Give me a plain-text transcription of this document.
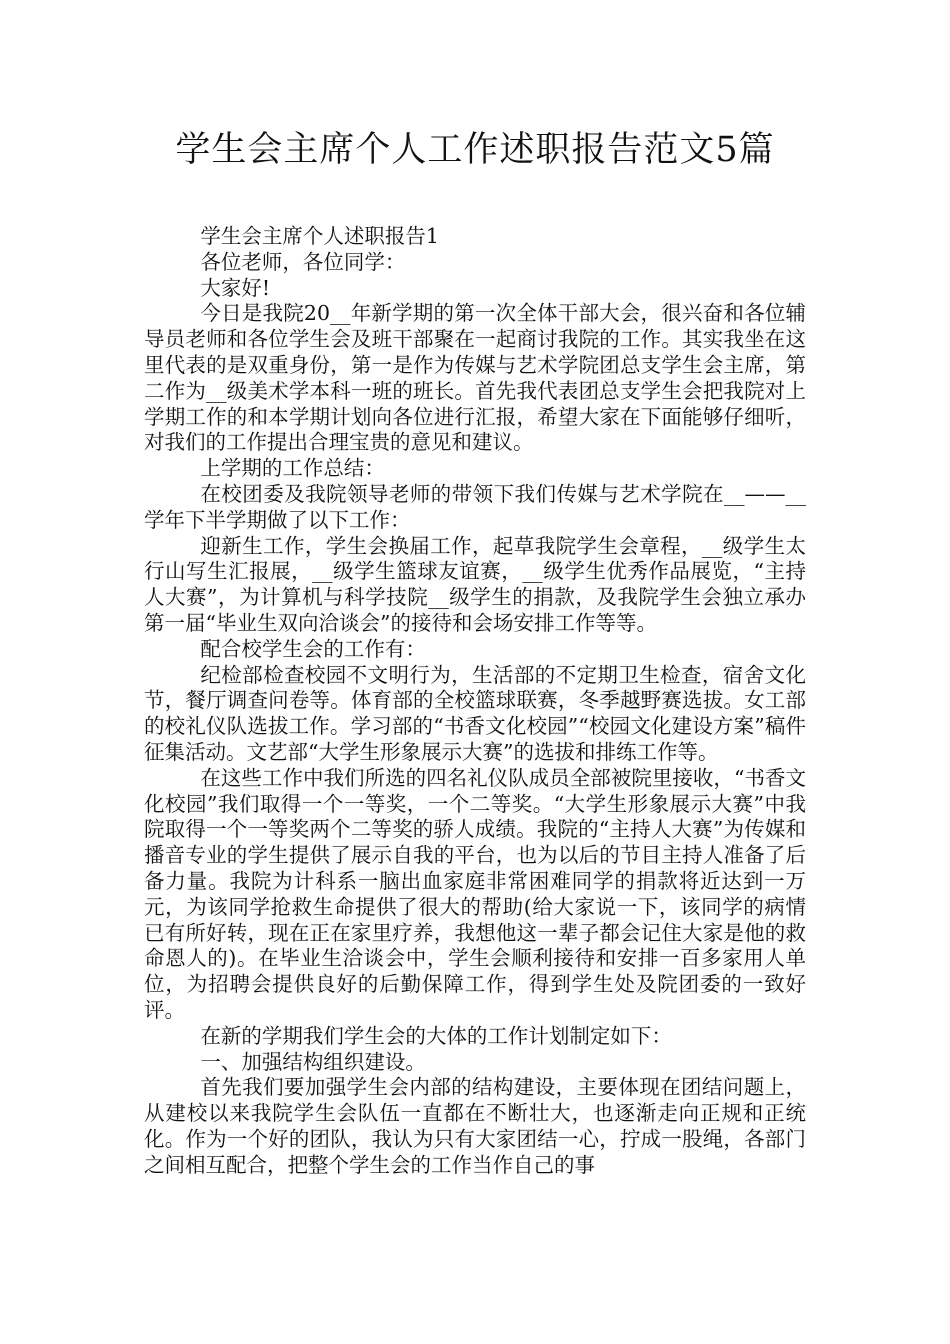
学生会主席个人工作述职报告范文5篇

学生会主席个人述职报告1

各位老师，各位同学：

大家好!

今日是我院20__年新学期的第一次全体干部大会，很兴奋和各位辅导员老师和各位学生会及班干部聚在一起商讨我院的工作。其实我坐在这里代表的是双重身份，第一是作为传媒与艺术学院团总支学生会主席，第二作为__级美术学本科一班的班长。首先我代表团总支学生会把我院对上学期工作的和本学期计划向各位进行汇报，希望大家在下面能够仔细听，对我们的工作提出合理宝贵的意见和建议。

上学期的工作总结：

在校团委及我院领导老师的带领下我们传媒与艺术学院在__——__学年下半学期做了以下工作：

迎新生工作，学生会换届工作，起草我院学生会章程，__级学生太行山写生汇报展，__级学生篮球友谊赛，__级学生优秀作品展览，“主持人大赛”，为计算机与科学技院__级学生的捐款，及我院学生会独立承办第一届“毕业生双向洽谈会”的接待和会场安排工作等等。

配合校学生会的工作有：

纪检部检查校园不文明行为，生活部的不定期卫生检查，宿舍文化节，餐厅调查问卷等。体育部的全校篮球联赛，冬季越野赛选拔。女工部的校礼仪队选拔工作。学习部的“书香文化校园”“校园文化建设方案”稿件征集活动。文艺部“大学生形象展示大赛”的选拔和排练工作等。

在这些工作中我们所选的四名礼仪队成员全部被院里接收，“书香文化校园”我们取得一个一等奖，一个二等奖。“大学生形象展示大赛”中我院取得一个一等奖两个二等奖的骄人成绩。我院的“主持人大赛”为传媒和播音专业的学生提供了展示自我的平台，也为以后的节目主持人准备了后备力量。我院为计科系一脑出血家庭非常困难同学的捐款将近达到一万元，为该同学抢救生命提供了很大的帮助(给大家说一下，该同学的病情已有所好转，现在正在家里疗养，我想他这一辈子都会记住大家是他的救命恩人的)。在毕业生洽谈会中，学生会顺利接待和安排一百多家用人单位，为招聘会提供良好的后勤保障工作，得到学生处及院团委的一致好评。

在新的学期我们学生会的大体的工作计划制定如下：

一、加强结构组织建设。

首先我们要加强学生会内部的结构建设，主要体现在团结问题上，从建校以来我院学生会队伍一直都在不断壮大，也逐渐走向正规和正统化。作为一个好的团队，我认为只有大家团结一心，拧成一股绳，各部门之间相互配合，把整个学生会的工作当作自己的事
